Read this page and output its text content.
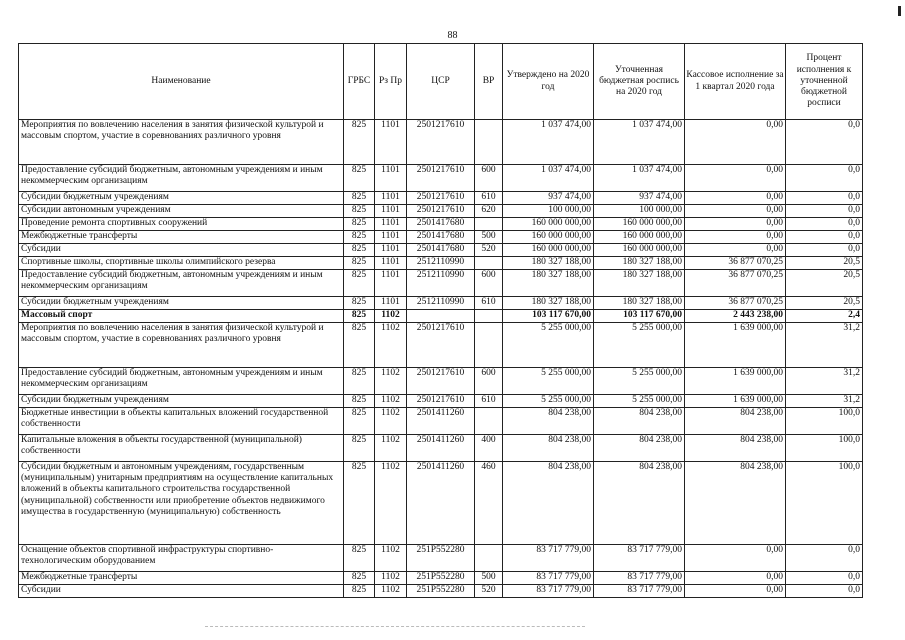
88
Наименование	ГРБС	Рз Пр	ЦСР	ВР	Утверждено на 2020 год	Уточненная бюджетная роспись на 2020 год	Кассовое исполнение за 1 квартал 2020 года	Процент исполнения к уточненной бюджетной росписи
Мероприятия по вовлечению населения в занятия физической культурой и массовым спортом, участие в соревнованиях различного уровня	825	1101	2501217610		1 037 474,00	1 037 474,00	0,00	0,0
Предоставление субсидий бюджетным, автономным учреждениям и иным некоммерческим организациям	825	1101	2501217610	600	1 037 474,00	1 037 474,00	0,00	0,0
Субсидии бюджетным учреждениям	825	1101	2501217610	610	937 474,00	937 474,00	0,00	0,0
Субсидии автономным учреждениям	825	1101	2501217610	620	100 000,00	100 000,00	0,00	0,0
Проведение ремонта спортивных сооружений	825	1101	2501417680		160 000 000,00	160 000 000,00	0,00	0,0
Межбюджетные трансферты	825	1101	2501417680	500	160 000 000,00	160 000 000,00	0,00	0,0
Субсидии	825	1101	2501417680	520	160 000 000,00	160 000 000,00	0,00	0,0
Спортивные школы, спортивные школы олимпийского резерва	825	1101	2512110990		180 327 188,00	180 327 188,00	36 877 070,25	20,5
Предоставление субсидий бюджетным, автономным учреждениям и иным некоммерческим организациям	825	1101	2512110990	600	180 327 188,00	180 327 188,00	36 877 070,25	20,5
Субсидии бюджетным учреждениям	825	1101	2512110990	610	180 327 188,00	180 327 188,00	36 877 070,25	20,5
Массовый спорт	825	1102			103 117 670,00	103 117 670,00	2 443 238,00	2,4
Мероприятия по вовлечению населения в занятия физической культурой и массовым спортом, участие в соревнованиях различного уровня	825	1102	2501217610		5 255 000,00	5 255 000,00	1 639 000,00	31,2
Предоставление субсидий бюджетным, автономным учреждениям и иным некоммерческим организациям	825	1102	2501217610	600	5 255 000,00	5 255 000,00	1 639 000,00	31,2
Субсидии бюджетным учреждениям	825	1102	2501217610	610	5 255 000,00	5 255 000,00	1 639 000,00	31,2
Бюджетные инвестиции в объекты капитальных вложений государственной собственности	825	1102	2501411260		804 238,00	804 238,00	804 238,00	100,0
Капитальные вложения в объекты государственной (муниципальной) собственности	825	1102	2501411260	400	804 238,00	804 238,00	804 238,00	100,0
Субсидии бюджетным и автономным учреждениям, государственным (муниципальным) унитарным предприятиям на осуществление капитальных вложений в объекты капитального строительства государственной (муниципальной) собственности или приобретение объектов недвижимого имущества в государственную (муниципальную) собственность	825	1102	2501411260	460	804 238,00	804 238,00	804 238,00	100,0
Оснащение объектов спортивной инфраструктуры спортивно-технологическим оборудованием	825	1102	251P552280		83 717 779,00	83 717 779,00	0,00	0,0
Межбюджетные трансферты	825	1102	251P552280	500	83 717 779,00	83 717 779,00	0,00	0,0
Субсидии	825	1102	251P552280	520	83 717 779,00	83 717 779,00	0,00	0,0
